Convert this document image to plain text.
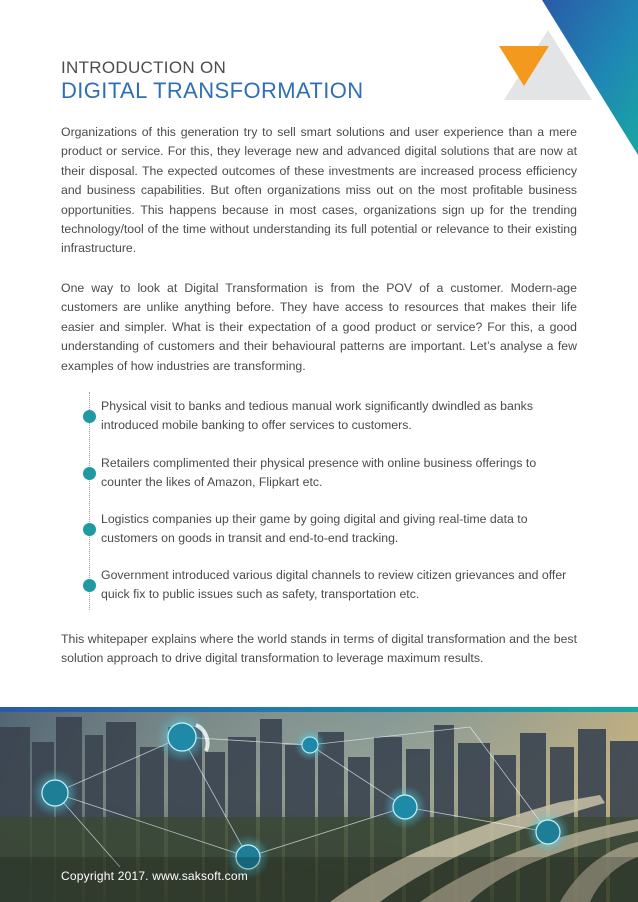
INTRODUCTION ON
DIGITAL TRANSFORMATION

Organizations of this generation try to sell smart solutions and user experience than a mere product or service. For this, they leverage new and advanced digital solutions that are now at their disposal. The expected outcomes of these investments are increased process efficiency and business capabilities. But often organizations miss out on the most profitable business opportunities. This happens because in most cases, organizations sign up for the trending technology/tool of the time without understanding its full potential or relevance to their existing infrastructure.

One way to look at Digital Transformation is from the POV of a customer. Modern-age customers are unlike anything before. They have access to resources that makes their life easier and simpler. What is their expectation of a good product or service? For this, a good understanding of customers and their behavioural patterns are important. Let’s analyse a few examples of how industries are transforming.

Physical visit to banks and tedious manual work significantly dwindled as banks introduced mobile banking to offer services to customers.
Retailers complimented their physical presence with online business offerings to counter the likes of Amazon, Flipkart etc.
Logistics companies up their game by going digital and giving real-time data to customers on goods in transit and end-to-end tracking.
Government introduced various digital channels to review citizen grievances and offer quick fix to public issues such as safety, transportation etc.

This whitepaper explains where the world stands in terms of digital transformation and the best solution approach to drive digital transformation to leverage maximum results.

Copyright 2017. www.saksoft.com
